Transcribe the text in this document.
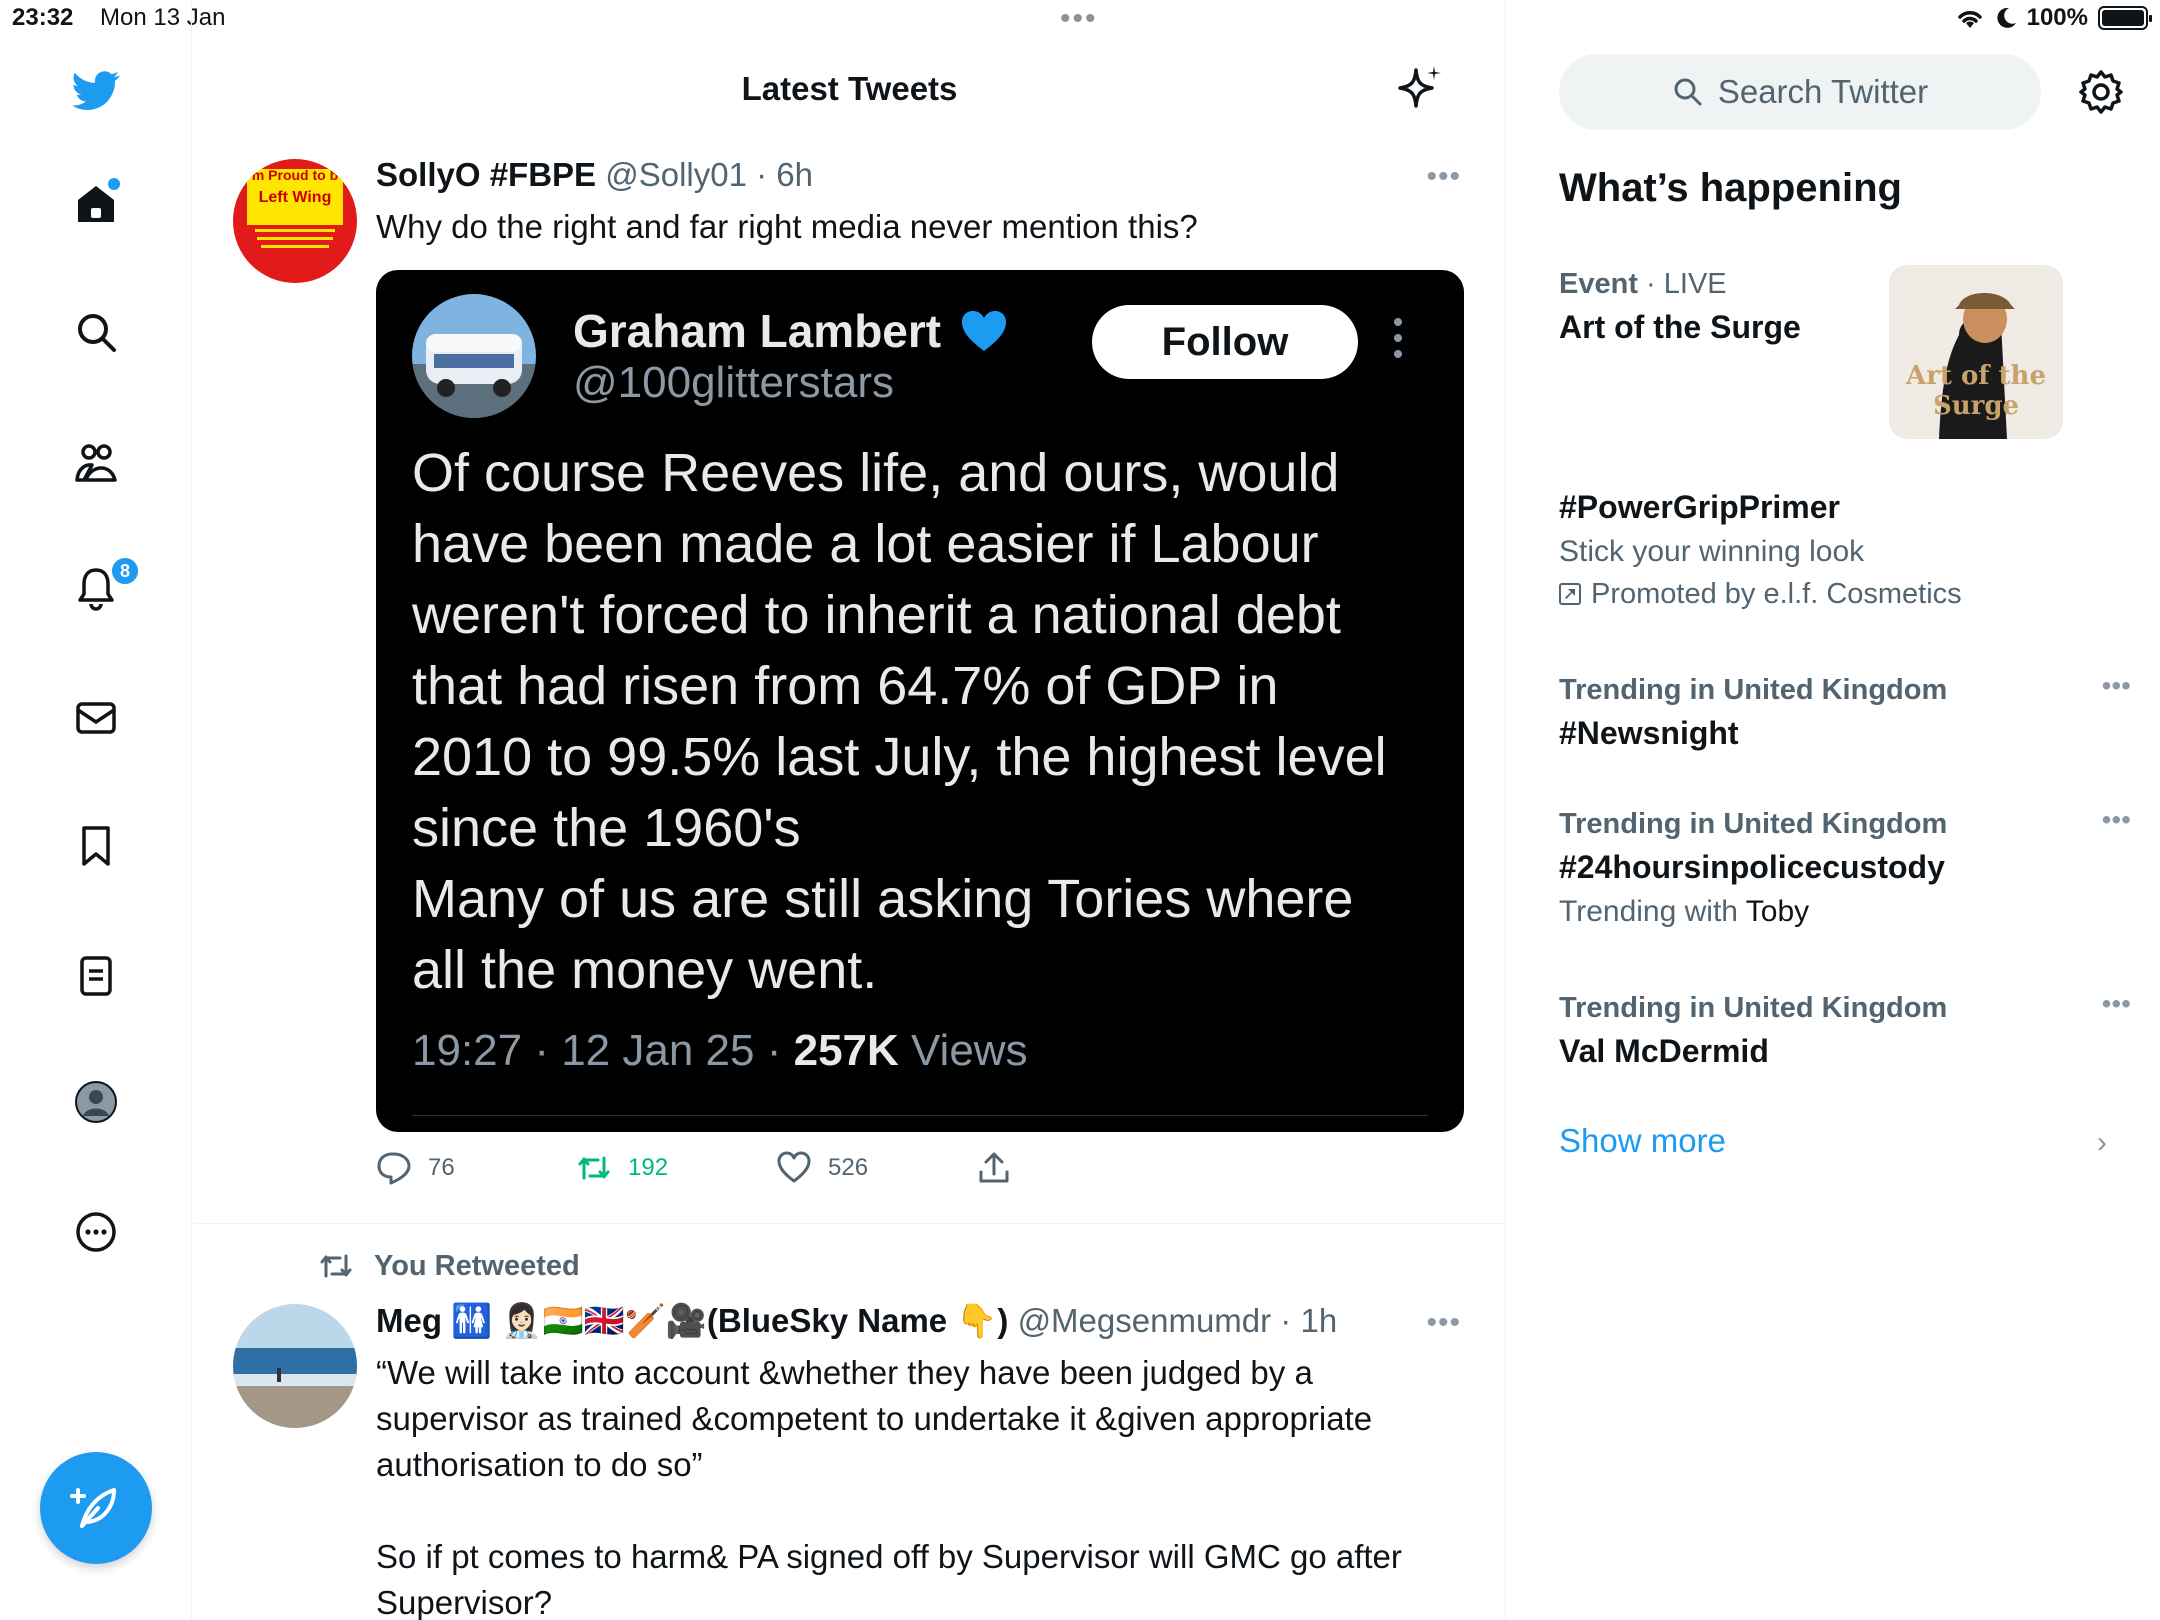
23:32 Mon 13 Jan	•••	100%
8
Latest Tweets
m Proud to b
Left Wing
SollyO #FBPE @Solly01 · 6h	•••
Why do the right and far right media never mention this?
Graham Lambert
@100glitterstars
Follow
Of course Reeves life, and ours, would
have been made a lot easier if Labour
weren't forced to inherit a national debt
that had risen from 64.7% of GDP in
2010 to 99.5% last July, the highest level
since the 1960's
Many of us are still asking Tories where
all the money went.
19:27 · 12 Jan 25 · 257K Views
76	192	526
You Retweeted
Meg 🚻 👩🏻‍⚕️🇮🇳🇬🇧🏏🎥(BlueSky Name 👇) @Megsenmumdr · 1h	•••
“We will take into account &whether they have been judged by a
supervisor as trained &competent to undertake it &given appropriate
authorisation to do so”
So if pt comes to harm& PA signed off by Supervisor will GMC go after
Supervisor?
Search Twitter
What’s happening
Event · LIVE
Art of the Surge
Art of the Surge
#PowerGripPrimer
Stick your winning look
Promoted by e.l.f. Cosmetics
Trending in United Kingdom
#Newsnight
•••
Trending in United Kingdom
#24hoursinpolicecustody
Trending with Toby
•••
Trending in United Kingdom
Val McDermid
•••
Show more	›
